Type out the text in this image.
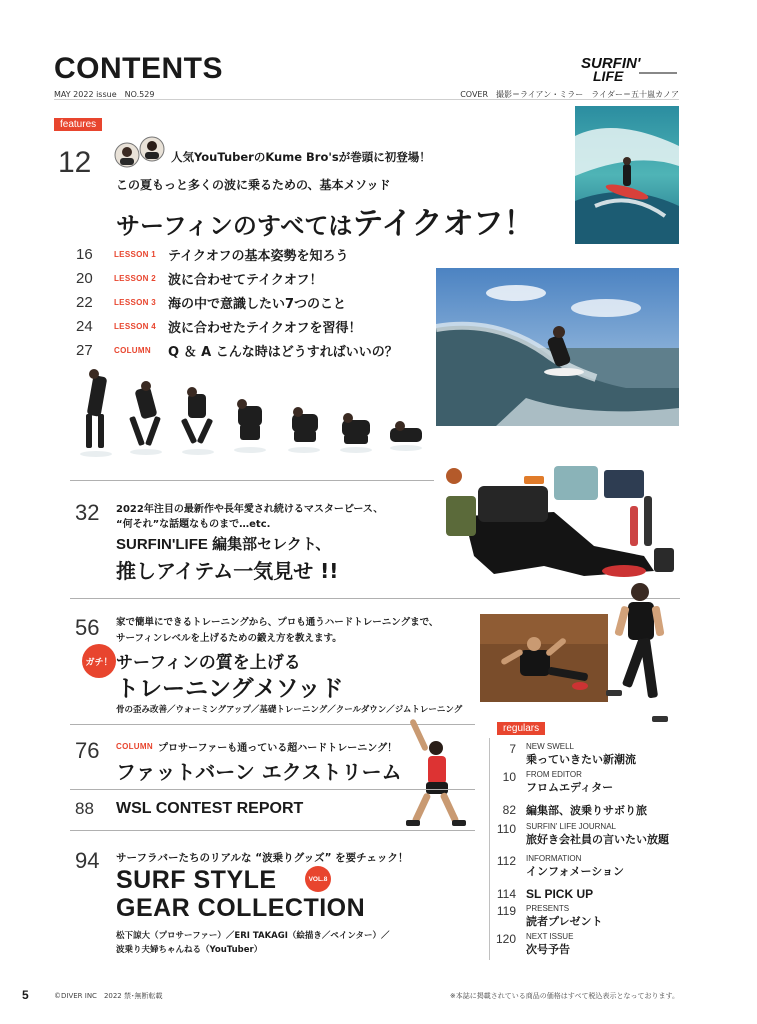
CONTENTS
MAY 2022 issue　NO.529
SURFIN'
LIFE
COVER　撮影＝ライアン・ミラー　ライダー＝五十嵐カノア
features
12	人気YouTuberのKume Bro'sが巻頭に初登場！
この夏もっと多くの波に乗るための、基本メソッド
サーフィンのすべてはテイクオフ！
16	LESSON 1 テイクオフの基本姿勢を知ろう
20	LESSON 2 波に合わせてテイクオフ！
22	LESSON 3 海の中で意識したい7つのこと
24	LESSON 4 波に合わせたテイクオフを習得！
27	COLUMN	Q ＆ A こんな時はどうすればいいの？
32 2022年注目の最新作や長年愛され続けるマスターピース、
“何それ”な話題なものまで…etc.
SURFIN'LIFE 編集部セレクト、
推しアイテム一気見せ !!
56 家で簡単にできるトレーニングから、プロも通うハードトレーニングまで、
サーフィンレベルを上げるための鍛え方を教えます。
ガチ！ サーフィンの質を上げる
トレーニングメソッド
骨の歪み改善／ウォーミングアップ／基礎トレーニング／クールダウン／ジムトレーニング
regulars
76 COLUMN プロサーファーも通っている超ハードトレーニング！
ファットバーン エクストリーム
88 WSL CONTEST REPORT
94 サーフラバーたちのリアルな “波乗りグッズ” を要チェック！
SURF STYLE	VOL.8
GEAR COLLECTION
松下諒大（プロサーファー）／ERI TAKAGI（絵描き／ペインター）／
波乗り夫婦ちゃんねる（YouTuber）
7 NEW SWELL
乗っていきたい新潮流
10 FROM EDITOR
フロムエディター
82 編集部、波乗りサボり旅
110 SURFIN' LIFE JOURNAL
旅好き会社員の言いたい放題
112 INFORMATION
インフォメーション
114 SL PICK UP
119 PRESENTS
読者プレゼント
120 NEXT ISSUE
次号予告
5	©DIVER INC　2022 禁･無断転載	※本誌に掲載されている商品の価格はすべて税込表示となっております。
